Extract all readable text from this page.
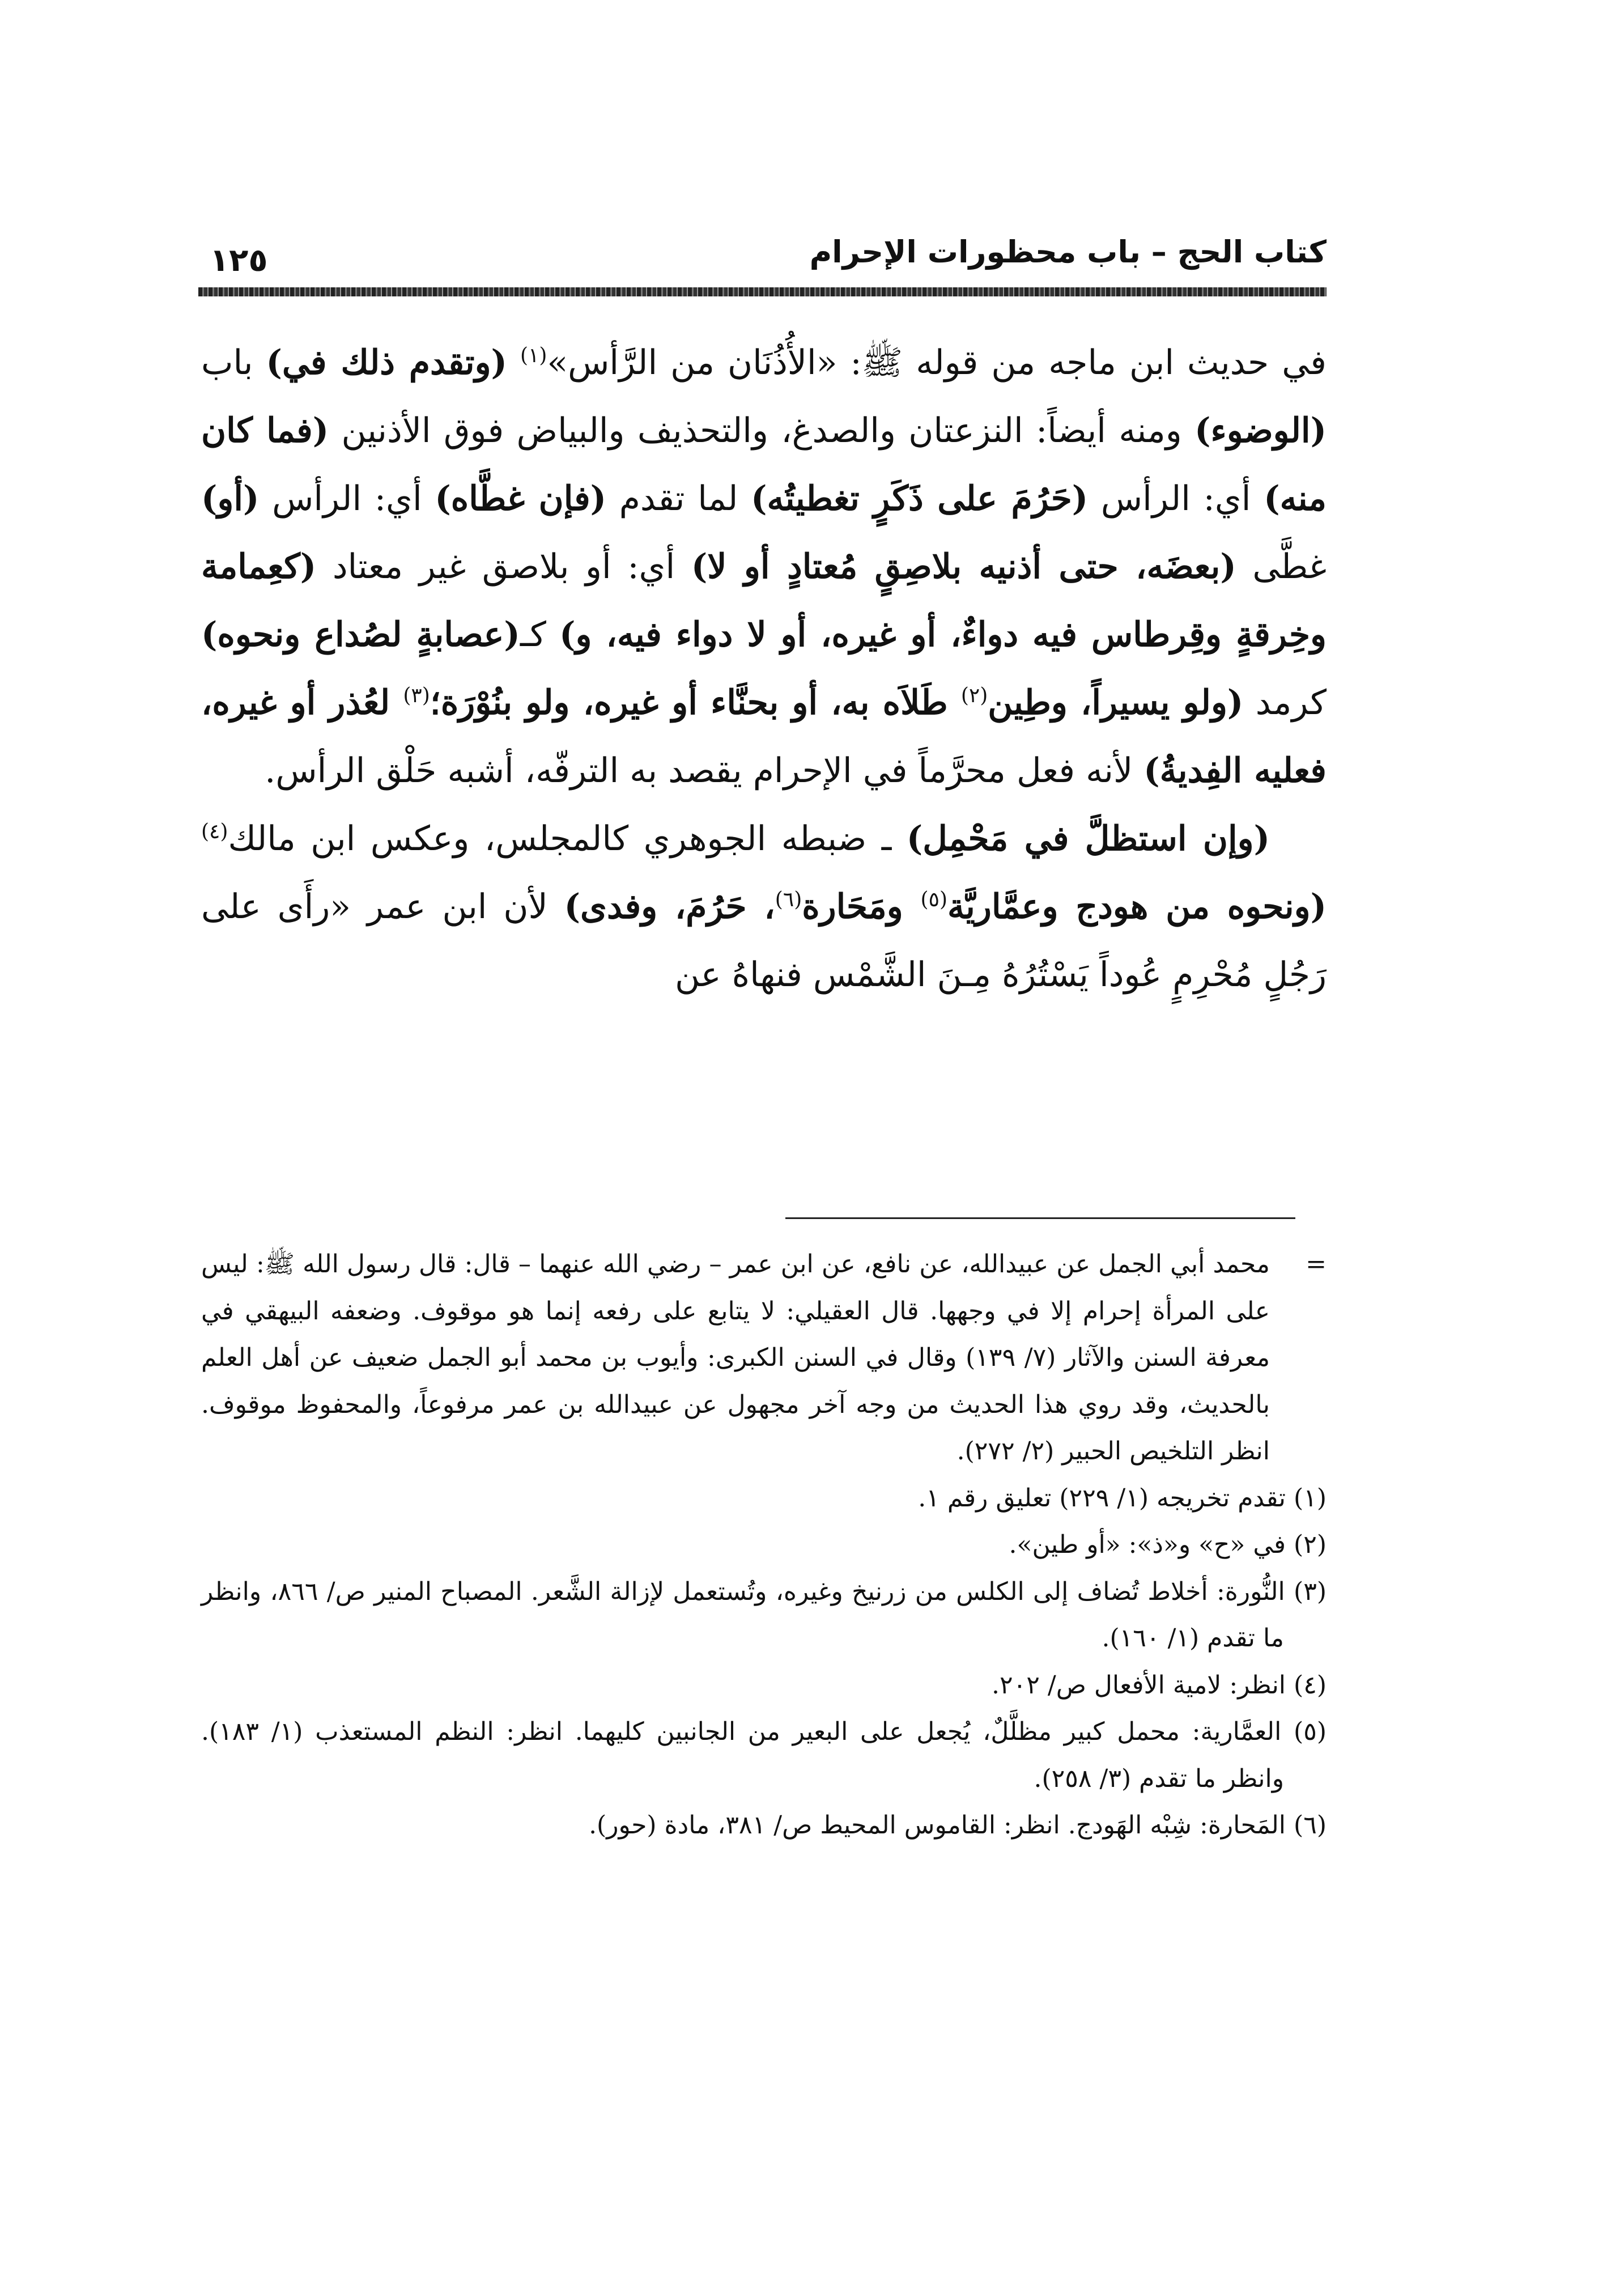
كتاب الحج – باب محظورات الإحرام
١٢٥

في حديث ابن ماجه من قوله ﷺ: «الأُذُنَان من الرَّأس»$^{(١)}$ (وتقدم ذلك في) باب (الوضوء) ومنه أيضاً: النزعتان والصدغ، والتحذيف والبياض فوق الأذنين (فما كان منه) أي: الرأس (حَرُمَ على ذَكَرٍ تغطيتُه) لما تقدم (فإن غطَّاه) أي: الرأس (أو) غطَّى (بعضَه، حتى أذنيه بلاصِقٍ مُعتادٍ أو لا) أي: أو بلاصق غير معتاد (كعِمامة وخِرقةٍ وقِرطاس فيه دواءٌ، أو غيره، أو لا دواء فيه، و) كـ(عصابةٍ لصُداع ونحوه) كرمد (ولو يسيراً، وطِين$^{(٢)}$ طَلاَه به، أو بحنَّاء أو غيره، ولو بنُوْرَة؛$^{(٣)}$ لعُذر أو غيره، فعليه الفِديةُ) لأنه فعل محرَّماً في الإحرام يقصد به الترفّه، أشبه حَلْق الرأس.

(وإن استظلَّ في مَحْمِل) ـ ضبطه الجوهري كالمجلس، وعكس ابن مالك$^{(٤)}$ (ونحوه من هودج وعمَّاريَّة$^{(٥)}$ ومَحَارة$^{(٦)}$، حَرُمَ، وفدى) لأن ابن عمر «رأَى على رَجُلٍ مُحْرِمٍ عُوداً يَسْتُرُهُ مِـنَ الشَّمْس فنهاهُ عن

=
محمد أبي الجمل عن عبيدالله، عن نافع، عن ابن عمر – رضي الله عنهما – قال: قال رسول الله ﷺ: ليس على المرأة إحرام إلا في وجهها. قال العقيلي: لا يتابع على رفعه إنما هو موقوف. وضعفه البيهقي في معرفة السنن والآثار (٧/ ١٣٩) وقال في السنن الكبرى: وأيوب بن محمد أبو الجمل ضعيف عن أهل العلم بالحديث، وقد روي هذا الحديث من وجه آخر مجهول عن عبيدالله بن عمر مرفوعاً، والمحفوظ موقوف. انظر التلخيص الحبير (٢/ ٢٧٢).

(١) تقدم تخريجه (١/ ٢٢٩) تعليق رقم ١.

(٢) في «ح» و«ذ»: «أو طين».

(٣) النُّورة: أخلاط تُضاف إلى الكلس من زرنيخ وغيره، وتُستعمل لإزالة الشَّعر. المصباح المنير ص/ ٨٦٦، وانظر ما تقدم (١/ ١٦٠).

(٤) انظر: لامية الأفعال ص/ ٢٠٢.

(٥) العمَّارية: محمل كبير مظلَّلٌ، يُجعل على البعير من الجانبين كليهما. انظر: النظم المستعذب (١/ ١٨٣). وانظر ما تقدم (٣/ ٢٥٨).

(٦) المَحارة: شِبْه الهَودج. انظر: القاموس المحيط ص/ ٣٨١، مادة (حور).
